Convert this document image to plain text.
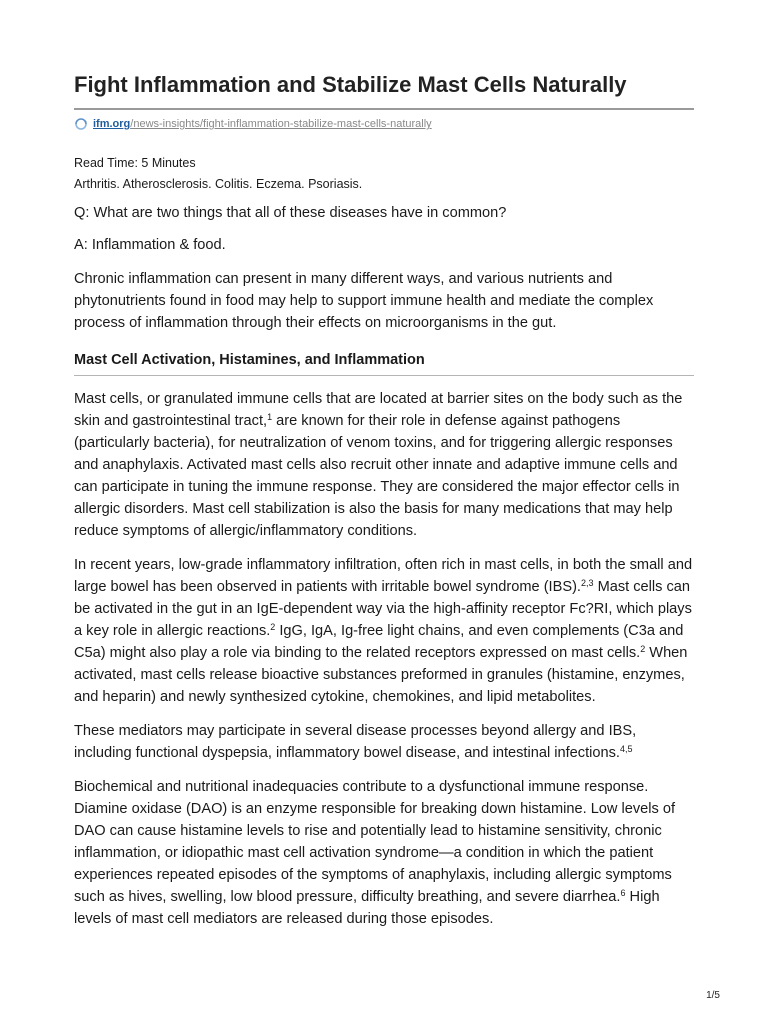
Fight Inflammation and Stabilize Mast Cells Naturally
ifm.org /news-insights/fight-inflammation-stabilize-mast-cells-naturally

Read Time: 5 Minutes

Arthritis. Atherosclerosis. Colitis. Eczema. Psoriasis.

Q: What are two things that all of these diseases have in common?

A: Inflammation & food.

Chronic inflammation can present in many different ways, and various nutrients and phytonutrients found in food may help to support immune health and mediate the complex process of inflammation through their effects on microorganisms in the gut.

Mast Cell Activation, Histamines, and Inflammation

Mast cells, or granulated immune cells that are located at barrier sites on the body such as the skin and gastrointestinal tract,$^1$ are known for their role in defense against pathogens (particularly bacteria), for neutralization of venom toxins, and for triggering allergic responses and anaphylaxis. Activated mast cells also recruit other innate and adaptive immune cells and can participate in tuning the immune response. They are considered the major effector cells in allergic disorders. Mast cell stabilization is also the basis for many medications that may help reduce symptoms of allergic/inflammatory conditions.

In recent years, low-grade inflammatory infiltration, often rich in mast cells, in both the small and large bowel has been observed in patients with irritable bowel syndrome (IBS).$^{2,3}$ Mast cells can be activated in the gut in an IgE-dependent way via the high-affinity receptor Fc?RI, which plays a key role in allergic reactions.$^2$ IgG, IgA, Ig-free light chains, and even complements (C3a and C5a) might also play a role via binding to the related receptors expressed on mast cells.$^2$ When activated, mast cells release bioactive substances preformed in granules (histamine, enzymes, and heparin) and newly synthesized cytokine, chemokines, and lipid metabolites.

These mediators may participate in several disease processes beyond allergy and IBS, including functional dyspepsia, inflammatory bowel disease, and intestinal infections.$^{4,5}$

Biochemical and nutritional inadequacies contribute to a dysfunctional immune response. Diamine oxidase (DAO) is an enzyme responsible for breaking down histamine. Low levels of DAO can cause histamine levels to rise and potentially lead to histamine sensitivity, chronic inflammation, or idiopathic mast cell activation syndrome—a condition in which the patient experiences repeated episodes of the symptoms of anaphylaxis, including allergic symptoms such as hives, swelling, low blood pressure, difficulty breathing, and severe diarrhea.$^6$ High levels of mast cell mediators are released during those episodes.

1/5
